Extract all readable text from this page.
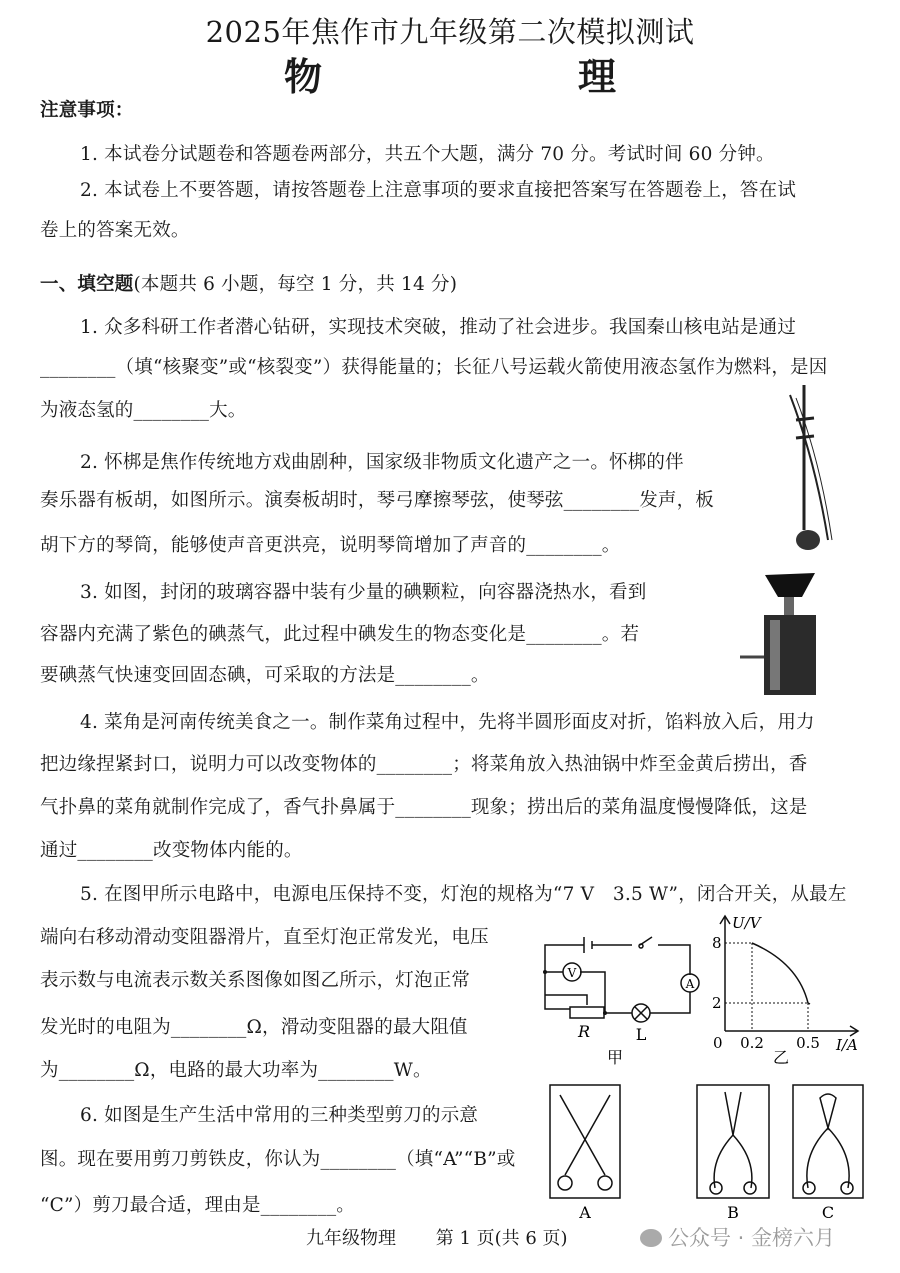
2025年焦作市九年级第二次模拟测试
物　　理
注意事项：
1. 本试卷分试题卷和答题卷两部分，共五个大题，满分 70 分。考试时间 60 分钟。
2. 本试卷上不要答题，请按答题卷上注意事项的要求直接把答案写在答题卷上，答在试
卷上的答案无效。
一、填空题(本题共 6 小题，每空 1 分，共 14 分)
1. 众多科研工作者潜心钻研，实现技术突破，推动了社会进步。我国秦山核电站是通过
________（填“核聚变”或“核裂变”）获得能量的；长征八号运载火箭使用液态氢作为燃料，是因
为液态氢的________大。
2. 怀梆是焦作传统地方戏曲剧种，国家级非物质文化遗产之一。怀梆的伴
奏乐器有板胡，如图所示。演奏板胡时，琴弓摩擦琴弦，使琴弦________发声，板
胡下方的琴筒，能够使声音更洪亮，说明琴筒增加了声音的________。
3. 如图，封闭的玻璃容器中装有少量的碘颗粒，向容器浇热水，看到
容器内充满了紫色的碘蒸气，此过程中碘发生的物态变化是________。若
要碘蒸气快速变回固态碘，可采取的方法是________。
4. 菜角是河南传统美食之一。制作菜角过程中，先将半圆形面皮对折，馅料放入后，用力
把边缘捏紧封口，说明力可以改变物体的________；将菜角放入热油锅中炸至金黄后捞出，香
气扑鼻的菜角就制作完成了，香气扑鼻属于________现象；捞出后的菜角温度慢慢降低，这是
通过________改变物体内能的。
5. 在图甲所示电路中，电源电压保持不变，灯泡的规格为“7 V　3.5 W”，闭合开关，从最左
端向右移动滑动变阻器滑片，直至灯泡正常发光，电压
表示数与电流表示数关系图像如图乙所示，灯泡正常
发光时的电阻为________Ω，滑动变阻器的最大阻值
为________Ω，电路的最大功率为________W。
6. 如图是生产生活中常用的三种类型剪刀的示意
图。现在要用剪刀剪铁皮，你认为________（填“A”“B”或
“C”）剪刀最合适，理由是________。
V
A
R	L
甲
U/V
8
2
0 0.2 0.5 I/A
乙
A	B	C
九年级物理 第 1 页(共 6 页)	公众号 · 金榜六月
